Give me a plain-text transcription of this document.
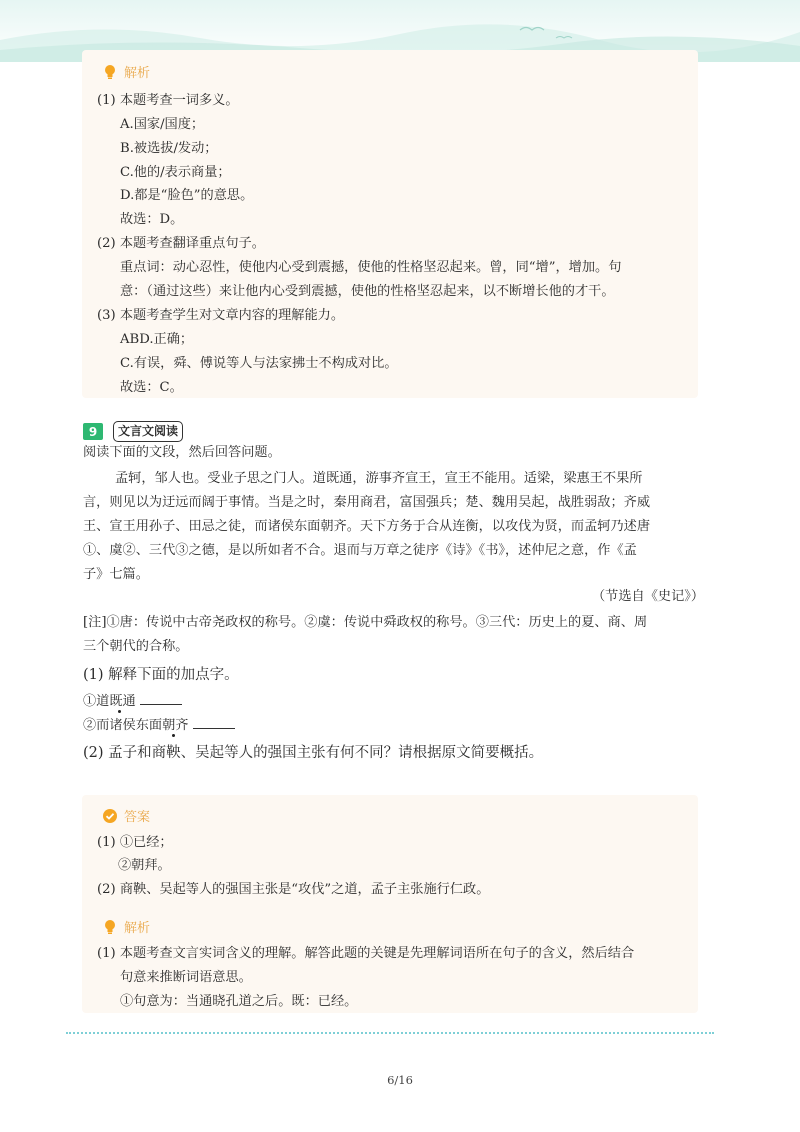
解析
(1) 本题考查一词多义。
A.国家/国度；
B.被选拔/发动；
C.他的/表示商量；
D.都是“脸色”的意思。
故选：D。
(2) 本题考查翻译重点句子。
重点词：动心忍性，使他内心受到震撼，使他的性格坚忍起来。曾，同“增”，增加。句
意：（通过这些）来让他内心受到震撼，使他的性格坚忍起来，以不断增长他的才干。
(3) 本题考查学生对文章内容的理解能力。
ABD.正确；
C.有误，舜、傅说等人与法家拂士不构成对比。
故选：C。
9	文言文阅读
阅读下面的文段，然后回答问题。
孟轲，邹人也。受业子思之门人。道既通，游事齐宣王，宣王不能用。适梁，梁惠王不果所
言，则见以为迂远而阔于事情。当是之时，秦用商君，富国强兵；楚、魏用吴起，战胜弱敌；齐威
王、宣王用孙子、田忌之徒，而诸侯东面朝齐。天下方务于合从连衡，以攻伐为贤，而孟轲乃述唐
①、虞②、三代③之德，是以所如者不合。退而与万章之徒序《诗》《书》，述仲尼之意，作《孟
子》七篇。
（节选自《史记》）
[注]①唐：传说中古帝尧政权的称号。②虞：传说中舜政权的称号。③三代：历史上的夏、商、周
三个朝代的合称。
(1) 解释下面的加点字。
①道既通
②而诸侯东面朝齐
(2) 孟子和商鞅、吴起等人的强国主张有何不同？请根据原文简要概括。
答案
(1) ①已经；
②朝拜。
(2) 商鞅、吴起等人的强国主张是“攻伐”之道，孟子主张施行仁政。
解析
(1) 本题考查文言实词含义的理解。解答此题的关键是先理解词语所在句子的含义，然后结合
句意来推断词语意思。
①句意为：当通晓孔道之后。既：已经。
6/16
